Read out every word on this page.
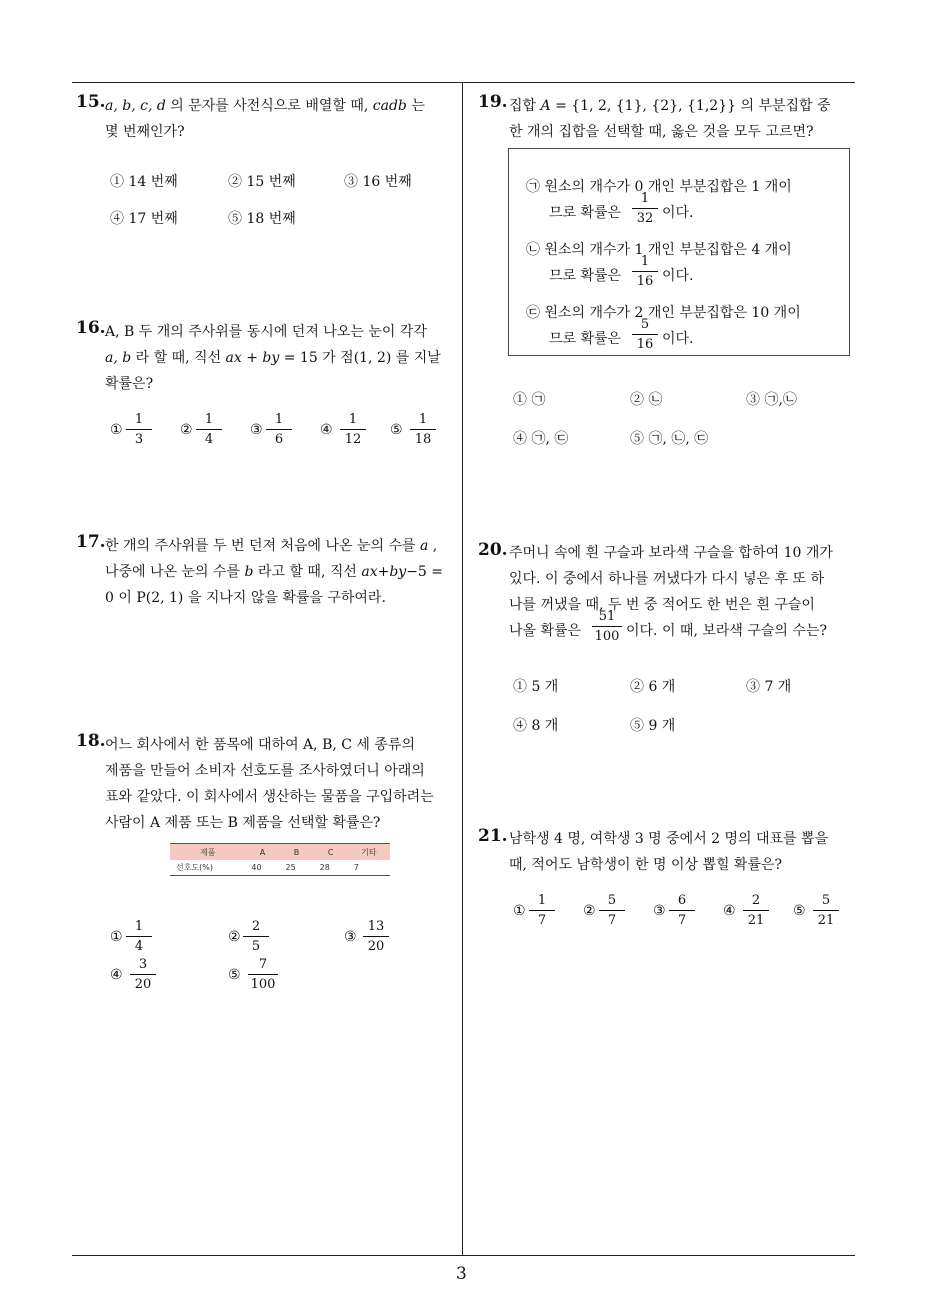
15. a, b, c, d 의 문자를 사전식으로 배열할 때, cadb 는
몇 번째인가?
① 14 번째	② 15 번째	③ 16 번째
④ 17 번째	⑤ 18 번째
16. A, B 두 개의 주사위를 동시에 던져 나오는 눈이 각각
a, b 라 할 때, 직선 ax + by = 15 가 점(1, 2) 를 지날
확률은?
①
1
3
②
1
4
③
1
6
④
1
12
⑤
1
18
17. 한 개의 주사위를 두 번 던져 처음에 나온 눈의 수를 a ,
나중에 나온 눈의 수를 b 라고 할 때, 직선 ax+by−5 =
0 이 P(2, 1) 을 지나지 않을 확률을 구하여라.
18. 어느 회사에서 한 품목에 대하여 A, B, C 세 종류의
제품을 만들어 소비자 선호도를 조사하였더니 아래의
표와 같았다. 이 회사에서 생산하는 물품을 구입하려는
사람이 A 제품 또는 B 제품을 선택할 확률은?
제품	A	B	C	기타
선호도(%)	40	25	28	7
①
1
4
②
2
5
③
13
20
④
3
20
⑤
7
100
19. 집합 A = {1, 2, {1}, {2}, {1,2}} 의 부분집합 중
한 개의 집합을 선택할 때, 옳은 것을 모두 고르면?
㉠ 원소의 개수가 0 개인 부분집합은 1 개이
므로 확률은
1
32 이다.
㉡ 원소의 개수가 1 개인 부분집합은 4 개이
므로 확률은
1
16 이다.
㉢ 원소의 개수가 2 개인 부분집합은 10 개이
므로 확률은
5
16 이다.
① ㉠	② ㉡	③ ㉠,㉡
④ ㉠, ㉢	⑤ ㉠, ㉡, ㉢
20. 주머니 속에 흰 구슬과 보라색 구슬을 합하여 10 개가
있다. 이 중에서 하나를 꺼냈다가 다시 넣은 후 또 하
나를 꺼냈을 때, 두 번 중 적어도 한 번은 흰 구슬이
나올 확률은
51
100 이다. 이 때, 보라색 구슬의 수는?
① 5 개	② 6 개	③ 7 개
④ 8 개	⑤ 9 개
21. 남학생 4 명, 여학생 3 명 중에서 2 명의 대표를 뽑을
때, 적어도 남학생이 한 명 이상 뽑힐 확률은?
①
1
7
②
5
7
③
6
7
④
2
21
⑤
5
21
3
